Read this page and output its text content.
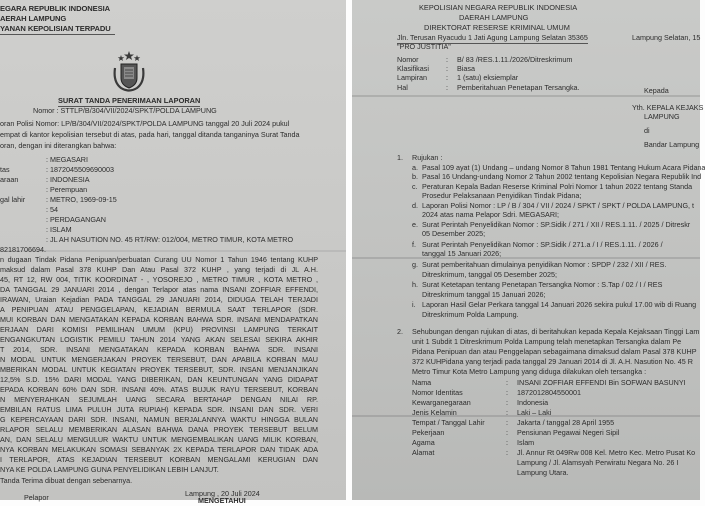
EGARA REPUBLIK INDONESIA
AERAH LAMPUNG
YANAN KEPOLISIAN TERPADU
SURAT TANDA PENERIMAAN LAPORAN
Nomor : STTLP/B/304/VII/2024/SPKT/POLDA LAMPUNG
oran Polisi Nomor: LP/B/304/VII/2024/SPKT/POLDA LAMPUNG tanggal 20 Juli 2024 pukul
empat di kantor kepolisian tersebut di atas, pada hari, tanggal ditanda tanganinya Surat Tanda
oran, dengan ini diterangkan bahwa:
: MEGASARI
tas	: 1872045509690003
araan	: INDONESIA
: Perempuan
gal lahir	: METRO, 1969-09-15
: 54
: PERDAGANGAN
: ISLAM
: JL AH NASUTION NO. 45 RT/RW: 012/004, METRO TIMUR, KOTA METRO
82181706694.
n dugaan Tindak Pidana Penipuan/perbuatan Curang UU Nomor 1 Tahun 1946 tentang KUHP
maksud dalam Pasal 378 KUHP Dan Atau Pasal 372 KUHP , yang terjadi di JL A.H.
45, RT 12, RW 004, TITIK KOORDINAT - , YOSOREJO , METRO TIMUR , KOTA METRO ,
DA TANGGAL 29 JANUARI 2014 , dengan Terlapor atas nama INSANI ZOFFIAR EFFENDI,
IRAWAN, Uraian Kejadian PADA TANGGAL 29 JANUARI 2014, DIDUGA TELAH TERJADI
A PENIPUAN ATAU PENGGELAPAN, KEJADIAN BERMULA SAAT TERLAPOR (SDR.
MUI KORBAN DAN MENGATAKAN KEPADA KORBAN BAHWA SDR. INSANI MENDAPATKAN
ERJAAN DARI KOMISI PEMILIHAN UMUM (KPU) PROVINSI LAMPUNG TERKAIT
ENGANGKUTAN LOGISTIK PEMILU TAHUN 2014 YANG AKAN SELESAI SEKIRA AKHIR
T 2014, SDR. INSANI MENGATAKAN KEPADA KORBAN BAHWA SDR. INSANI
N MODAL UNTUK MENGERJAKAN PROYEK TERSEBUT, DAN APABILA KORBAN MAU
MBERIKAN MODAL UNTUK KEGIATAN PROYEK TERSEBUT, SDR. INSANI MENJANJIKAN
12,5% S.D. 15% DARI MODAL YANG DIBERIKAN, DAN KEUNTUNGAN YANG DIDAPAT
EPADA KORBAN 60% DAN SDR. INSANI 40%. ATAS BUJUK RAYU TERSEBUT, KORBAN
N MENYERAHKAN SEJUMLAH UANG SECARA BERTAHAP DENGAN NILAI RP.
EMBILAN RATUS LIMA PULUH JUTA RUPIAH) KEPADA SDR. INSANI DAN SDR. VERI
G KEPERCAYAAN DARI SDR. INSANI, NAMUN BERJALANNYA WAKTU HINGGA BULAN
RLAPOR SELALU MEMBERIKAN ALASAN BAHWA DANA PROYEK TERSEBUT BELUM
AN, DAN SELALU MENGULUR WAKTU UNTUK MENGEMBALIKAN UANG MILIK KORBAN,
NYA KORBAN MELAKUKAN SOMASI SEBANYAK 2X KEPADA TERLAPOR DAN TIDAK ADA
I TERLAPOR, ATAS KEJADIAN TERSEBUT KORBAN MENGALAMI KERUGIAN DAN
NYA KE POLDA LAMPUNG GUNA PENYELIDIKAN LEBIH LANJUT.
Tanda Terima dibuat dengan sebenarnya.
Lampung , 20 Juli 2024
Pelapor	MENGETAHUI
KEPOLISIAN NEGARA REPUBLIK INDONESIA
DAERAH LAMPUNG
DIREKTORAT RESERSE KRIMINAL UMUM
Jln. Terusan Ryacudu 1 Jati Agung Lampung Selatan 35365
"PRO JUSTITIA"
Lampung Selatan, 15
Nomor	: B/ 83 /RES.1.11./2026/Ditreskrimum
Klasifikasi : Biasa
Lampiran	: 1 (satu) eksiemplar
Hal	: Pemberitahuan Penetapan Tersangka.	Kepada
Yth. KEPALA KEJAKS
LAMPUNG
di
Bandar Lampung
1. Rujukan :
a. Pasal 109 ayat (1) Undang – undang Nomor 8 Tahun 1981 Tentang Hukum Acara Pidana
b. Pasal 16 Undang-undang Nomor 2 Tahun 2002 tentang Kepolisian Negara Republik Ind
c. Peraturan Kepala Badan Reserse Kriminal Polri Nomor 1 tahun 2022 tentang Standa
Prosedur Pelaksanaan Penyidikan Tindak Pidana;
d. Laporan Polisi Nomor : LP / B / 304 / VII / 2024 / SPKT / SPKT / POLDA LAMPUNG, t
2024 atas nama Pelapor Sdri. MEGASARI;
e. Surat Perintah Penyelidikan Nomor : SP.Sidik / 271 / XII / RES.1.11. / 2025 / Ditreskr
05 Desember 2025;
f. Surat Perintah Penyelidikan Nomor : SP.Sidik / 271.a / I / RES.1.11. / 2026 /
tanggal 15 Januari 2026;
g. Surat pemberitahuan dimulainya penyidikan Nomor : SPDP / 232 / XII / RES.
Ditreskrimum, tanggal 05 Desember 2025;
h. Surat Ketetapan tentang Penetapan Tersangka Nomor : S.Tap / 02 / I / RES
Ditreskrimum tanggal 15 Januari 2026;
i. Laporan Hasil Gelar Perkara tanggal 14 Januari 2026 sekira pukul 17.00 wib di Ruang
Ditreskrimum Polda Lampung.
2. Sehubungan dengan rujukan di atas, di beritahukan kepada Kepala Kejaksaan Tinggi Lam
unit 1 Subdit 1 Ditreskrimum Polda Lampung telah menetapkan Tersangka dalam Pe
Pidana Penipuan dan atau Penggelapan sebagaimana dimaksud dalam Pasal 378 KUHP
372 KUHPidana yang terjadi pada tanggal 29 Januari 2014 di Jl. A.H. Nasution No. 45 R
Metro Timur Kota Metro Lampung yang diduga dilakukan oleh tersangka :
Nama	: INSANI ZOFFIAR EFFENDI Bin SOFWAN BASUNYI
Nomor Identitas	: 1872012804550001
Kewarganegaraan	: Indonesia
Jenis Kelamin	: Laki – Laki
Tempat / Tanggal Lahir	: Jakarta / tanggal 28 April 1955
Pekerjaan	: Pensiunan Pegawai Negeri Sipil
Agama	: Islam
Alamat	: Jl. Annur Rt 049Rw 008 Kel. Metro Kec. Metro Pusat Ko
Lampung / Jl. Alamsyah Perwiratu Negara No. 26 I
Lampung Utara.
